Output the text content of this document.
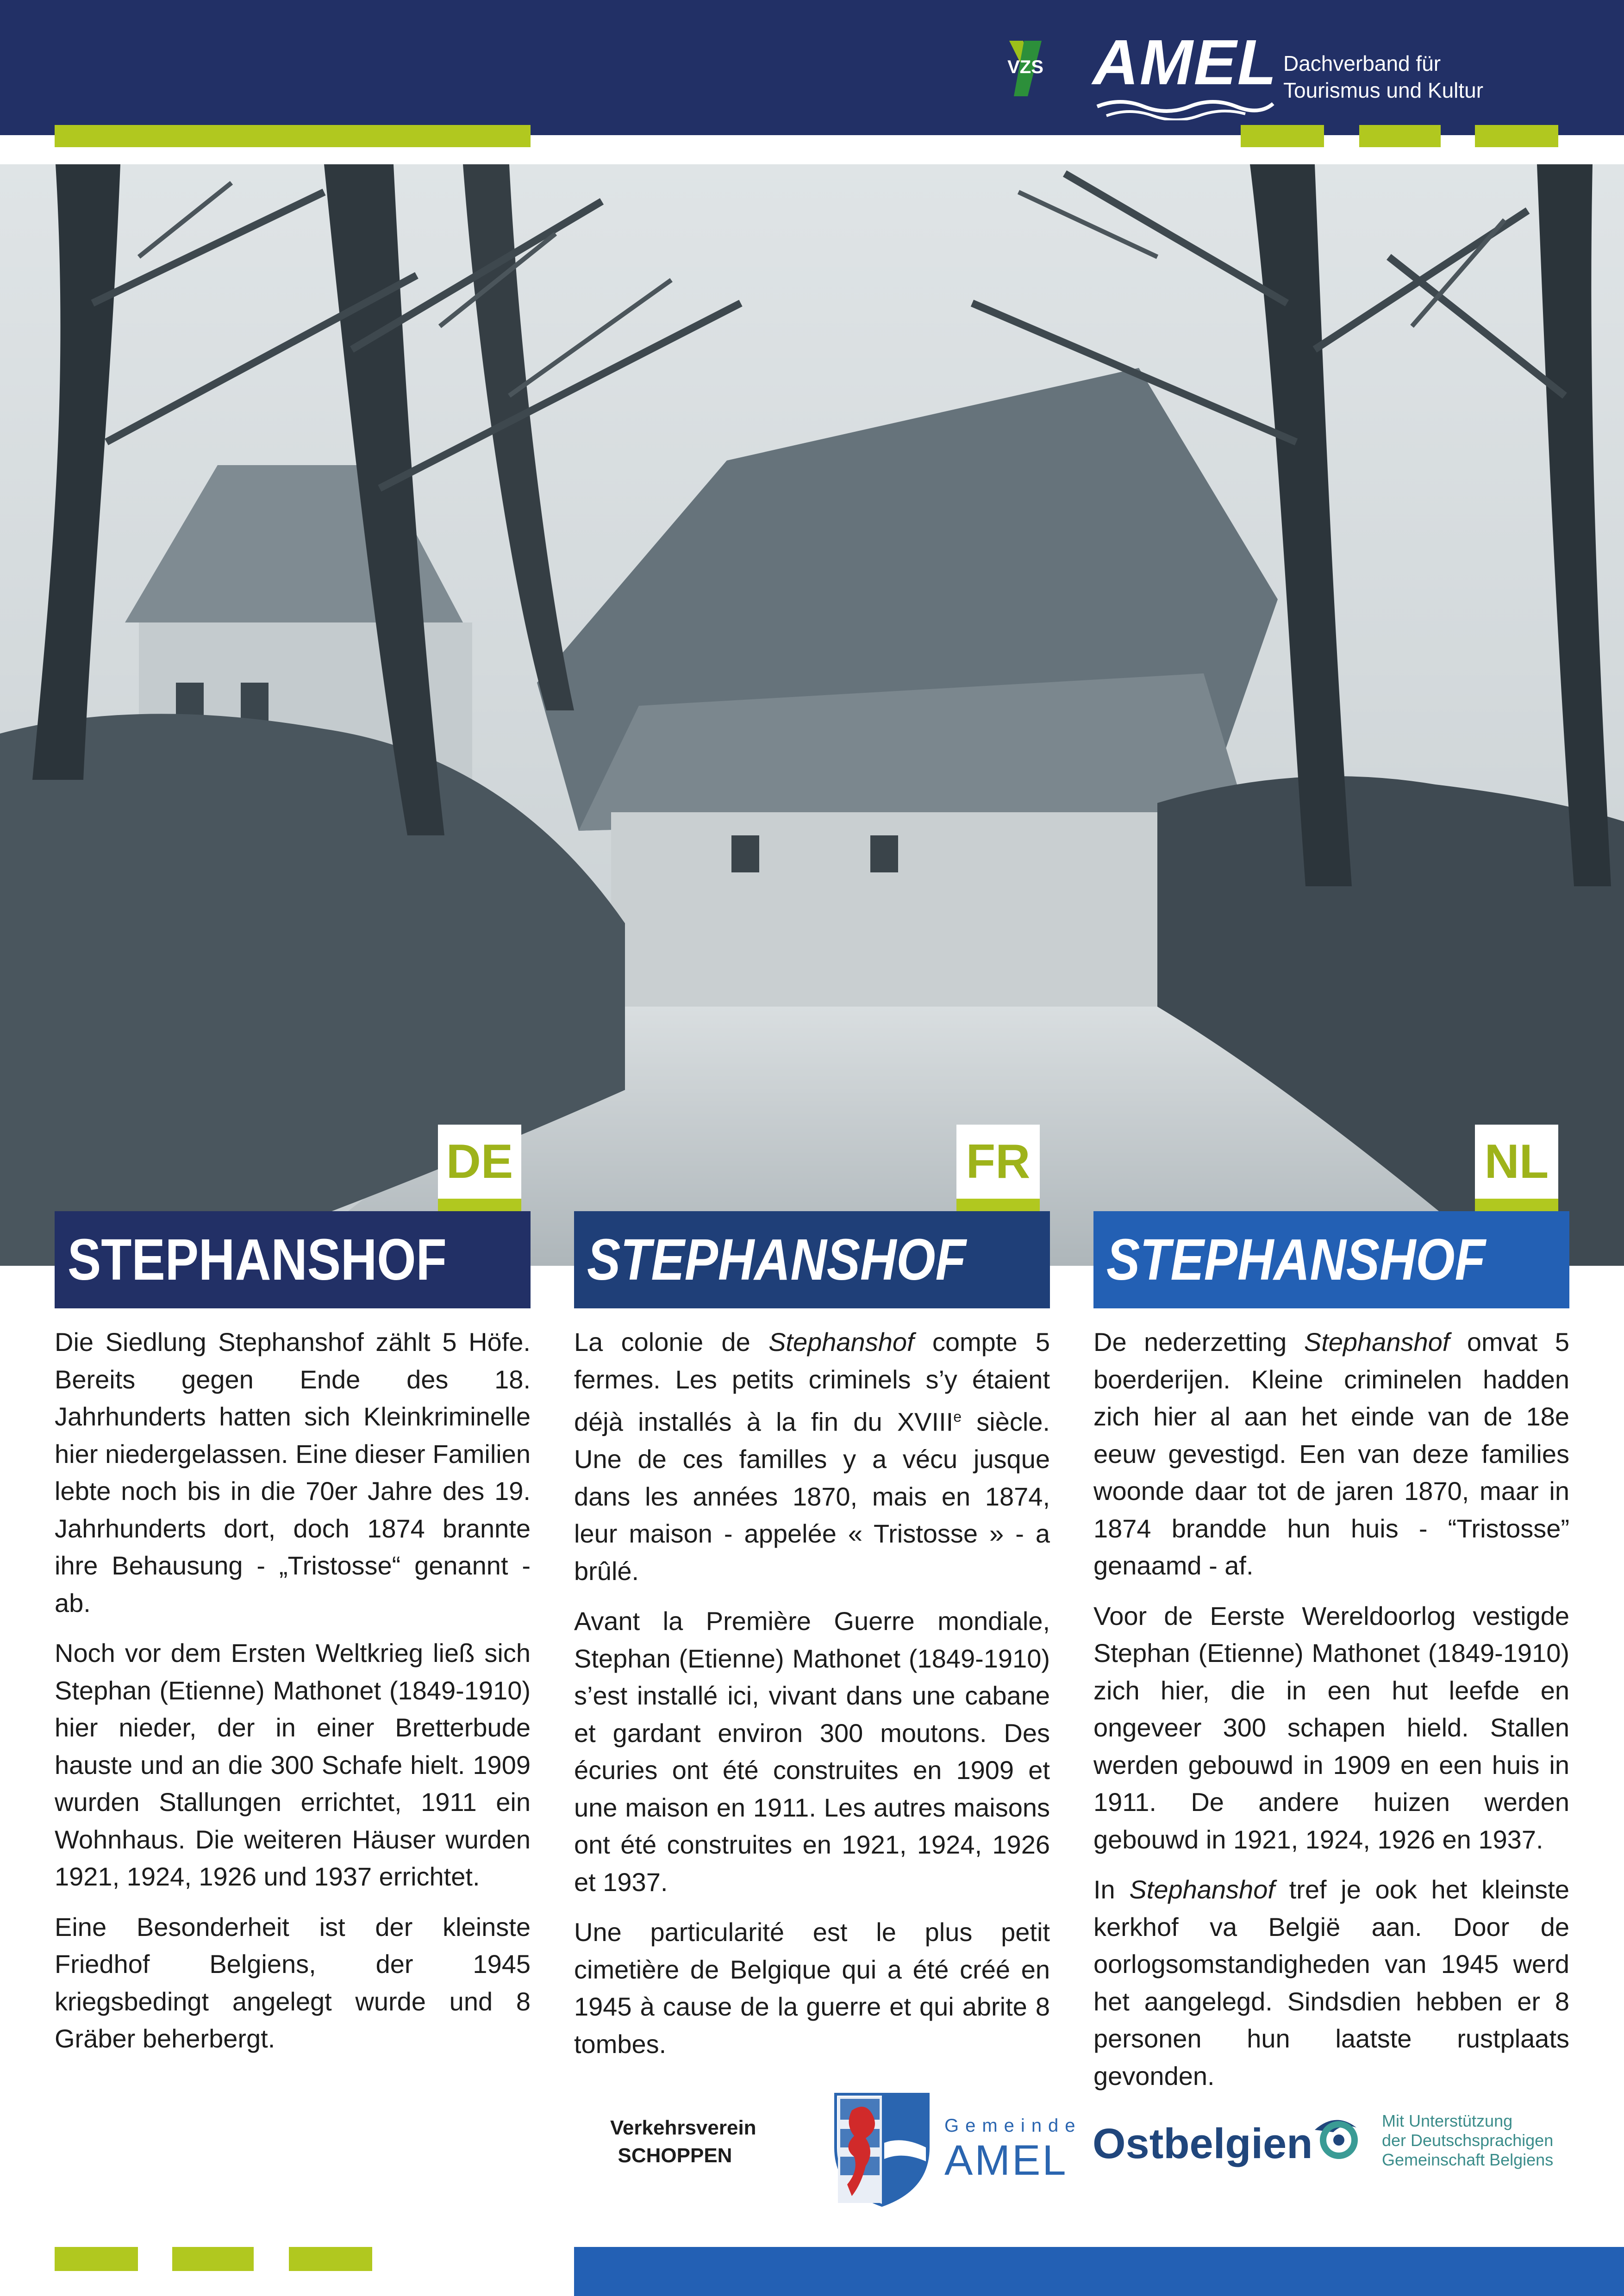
VZS AMEL Dachverband für
Tourismus und Kultur
DE
STEPHANSHOF

Die Siedlung Stephanshof zählt 5 Höfe. Bereits gegen Ende des 18. Jahrhunderts hatten sich Kleinkriminelle hier niedergelassen. Eine dieser Familien lebte noch bis in die 70er Jahre des 19. Jahrhunderts dort, doch 1874 brannte ihre Behausung - „Tristosse“ genannt - ab.

Noch vor dem Ersten Weltkrieg ließ sich Stephan (Etienne) Mathonet (1849-1910) hier nieder, der in einer Bretterbude hauste und an die 300 Schafe hielt. 1909 wurden Stallungen errichtet, 1911 ein Wohnhaus. Die weiteren Häuser wurden 1921, 1924, 1926 und 1937 errichtet.

Eine Besonderheit ist der kleinste Friedhof Belgiens, der 1945 kriegsbedingt angelegt wurde und 8 Gräber beherbergt.

FR
STEPHANSHOF

La colonie de Stephanshof compte 5 fermes. Les petits criminels s’y étaient déjà installés à la fin du XVIIIe siècle. Une de ces familles y a vécu jusque dans les années 1870, mais en 1874, leur maison - appelée « Tristosse » - a brûlé.

Avant la Première Guerre mondiale, Stephan (Etienne) Mathonet (1849-1910) s’est installé ici, vivant dans une cabane et gardant environ 300 moutons. Des écuries ont été construites en 1909 et une maison en 1911. Les autres maisons ont été construites en 1921, 1924, 1926 et 1937.

Une particularité est le plus petit cimetière de Belgique qui a été créé en 1945 à cause de la guerre et qui abrite 8 tombes.

NL
STEPHANSHOF

De nederzetting Stephanshof omvat 5 boerderijen. Kleine criminelen hadden zich hier al aan het einde van de 18e eeuw gevestigd. Een van deze families woonde daar tot de jaren 1870, maar in 1874 brandde hun huis - “Tristosse” genaamd - af.

Voor de Eerste Wereldoorlog vestigde Stephan (Etienne) Mathonet (1849-1910) zich hier, die in een hut leefde en ongeveer 300 schapen hield. Stallen werden gebouwd in 1909 en een huis in 1911. De andere huizen werden gebouwd in 1921, 1924, 1926 en 1937.

In Stephanshof tref je ook het kleinste kerkhof va België aan. Door de oorlogsomstandigheden van 1945 werd het aangelegd. Sindsdien hebben er 8 personen hun laatste rustplaats gevonden.

Verkehrsverein
SCHOPPEN
Gemeinde
AMEL Ostbelgien	Mit Unterstützung
der Deutschsprachigen
Gemeinschaft Belgiens
